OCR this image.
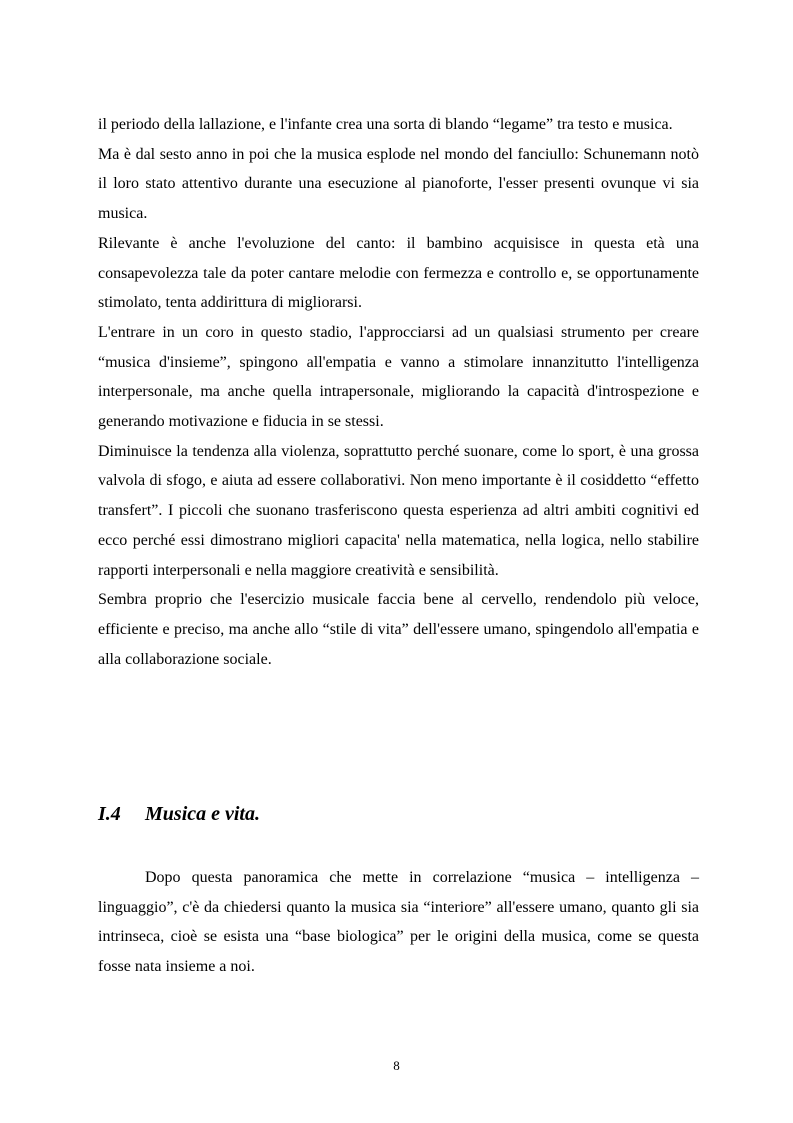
il periodo della lallazione, e l'infante crea una sorta di blando “legame” tra testo e musica.

Ma è dal sesto anno in poi che la musica esplode nel mondo del fanciullo: Schunemann notò il loro stato attentivo durante una esecuzione al pianoforte, l'esser presenti ovunque vi sia musica.

Rilevante è anche l'evoluzione del canto: il bambino acquisisce in questa età una consapevolezza tale da poter cantare melodie con fermezza e controllo e, se opportunamente stimolato, tenta addirittura di migliorarsi.

L'entrare in un coro in questo stadio, l'approcciarsi ad un qualsiasi strumento per creare “musica d'insieme”, spingono all'empatia e vanno a stimolare innanzitutto l'intelligenza interpersonale, ma anche quella intrapersonale, migliorando la capacità d'introspezione e generando motivazione e fiducia in se stessi.

Diminuisce la tendenza alla violenza, soprattutto perché suonare, come lo sport, è una grossa valvola di sfogo, e aiuta ad essere collaborativi. Non meno importante è il cosiddetto “effetto transfert”. I piccoli che suonano trasferiscono questa esperienza ad altri ambiti cognitivi ed ecco perché essi dimostrano migliori capacita' nella matematica, nella logica, nello stabilire rapporti interpersonali e nella maggiore creatività e sensibilità.

Sembra proprio che l'esercizio musicale faccia bene al cervello, rendendolo più veloce, efficiente e preciso, ma anche allo “stile di vita” dell'essere umano, spingendolo all'empatia e alla collaborazione sociale.

I.4 Musica e vita.

Dopo questa panoramica che mette in correlazione “musica – intelligenza – linguaggio”, c'è da chiedersi quanto la musica sia “interiore” all'essere umano, quanto gli sia intrinseca, cioè se esista una “base biologica” per le origini della musica, come se questa fosse nata insieme a noi.

8
